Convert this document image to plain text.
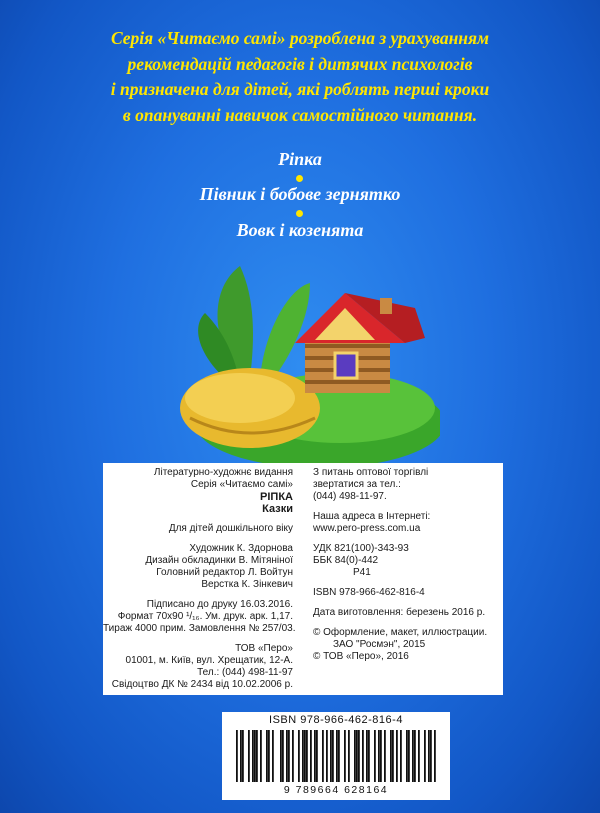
Серія «Читаємо самі» розроблена з урахуванням
рекомендацій педагогів і дитячих психологів
і призначена для дітей, які роблять перші кроки
в опануванні навичок самостійного читання.
Ріпка
Півник і бобове зернятко
Вовк і козенята
Літературно-художнє видання
Серія «Читаємо самі»
РІПКА
Казки
Для дітей дошкільного віку
Художник К. Здорнова
Дизайн обкладинки В. Мітяніної
Головний редактор Л. Войтун
Верстка К. Зінкевич
Підписано до друку 16.03.2016.
Формат 70х90 ¹/₁₆. Ум. друк. арк. 1,17.
Тираж 4000 прим. Замовлення № 257/03.
ТОВ «Перо»
01001, м. Київ, вул. Хрещатик, 12-А.
Тел.: (044) 498-11-97
Свідоцтво ДК № 2434 від 10.02.2006 р.
З питань оптової торгівлі
звертатися за тел.:
(044) 498-11-97.
Наша адреса в Інтернеті:
www.pero-press.com.ua
УДК 821(100)-343-93
ББК 84(0)-442
Р41
ISBN 978-966-462-816-4
Дата виготовлення: березень 2016 р.
© Оформление, макет, иллюстрации.
ЗАО "Росмэн", 2015
© ТОВ «Перо», 2016
ISBN 978-966-462-816-4
9 789664 628164
